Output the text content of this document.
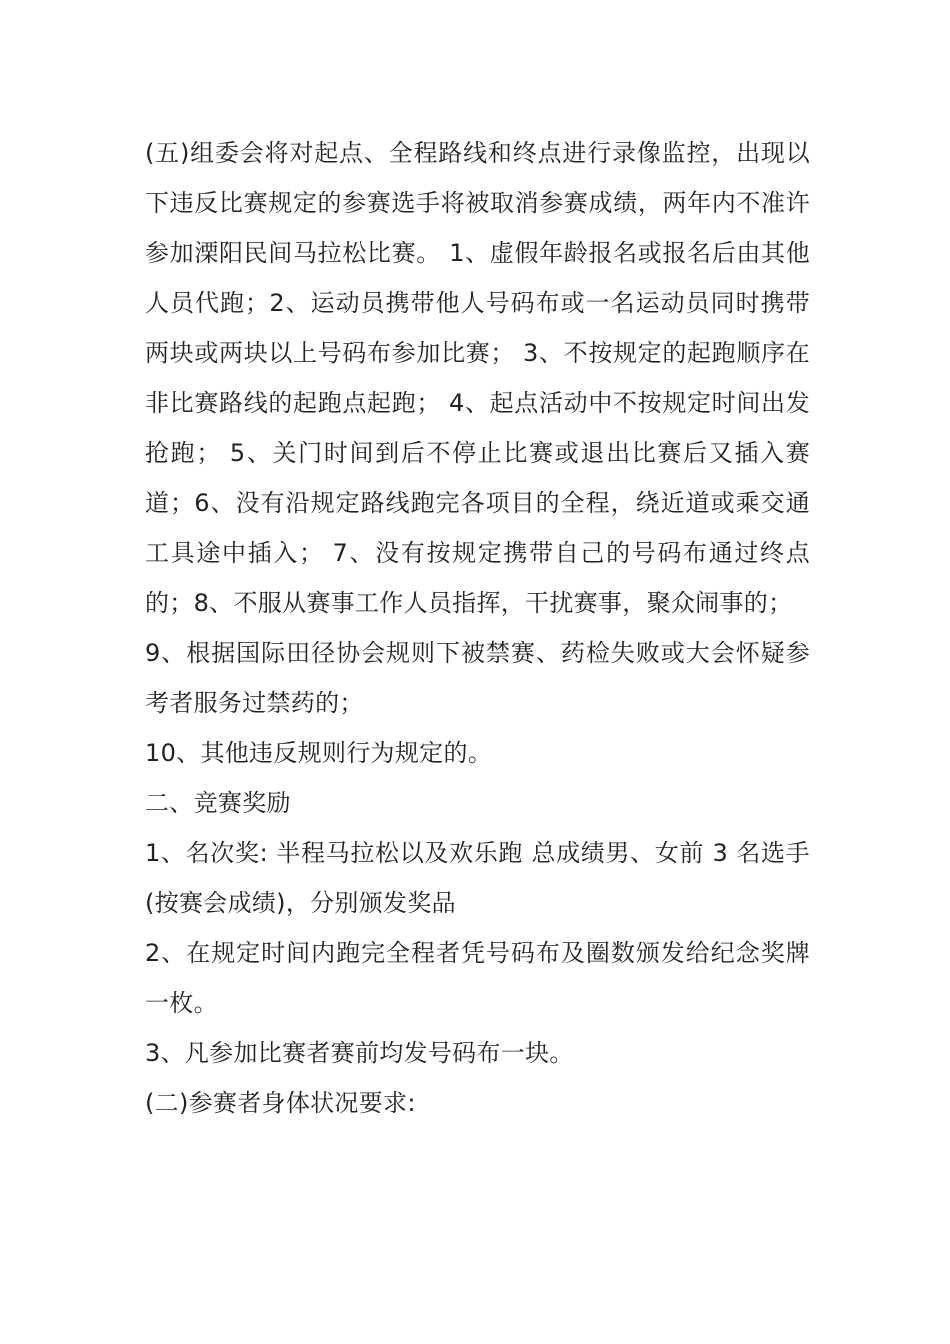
(五)组委会将对起点、全程路线和终点进行录像监控，出现以下违反比赛规定的参赛选手将被取消参赛成绩，两年内不准许参加溧阳民间马拉松比赛。 1、虚假年龄报名或报名后由其他人员代跑；2、运动员携带他人号码布或一名运动员同时携带两块或两块以上号码布参加比赛； 3、不按规定的起跑顺序在非比赛路线的起跑点起跑； 4、起点活动中不按规定时间出发抢跑； 5、关门时间到后不停止比赛或退出比赛后又插入赛道；6、没有沿规定路线跑完各项目的全程，绕近道或乘交通工具途中插入； 7、没有按规定携带自己的号码布通过终点的；8、不服从赛事工作人员指挥，干扰赛事，聚众闹事的；

9、根据国际田径协会规则下被禁赛、药检失败或大会怀疑参考者服务过禁药的；

10、其他违反规则行为规定的。

二、竞赛奖励

1、名次奖: 半程马拉松以及欢乐跑 总成绩男、女前 3 名选手(按赛会成绩)，分别颁发奖品

2、在规定时间内跑完全程者凭号码布及圈数颁发给纪念奖牌一枚。

3、凡参加比赛者赛前均发号码布一块。

(二)参赛者身体状况要求:
